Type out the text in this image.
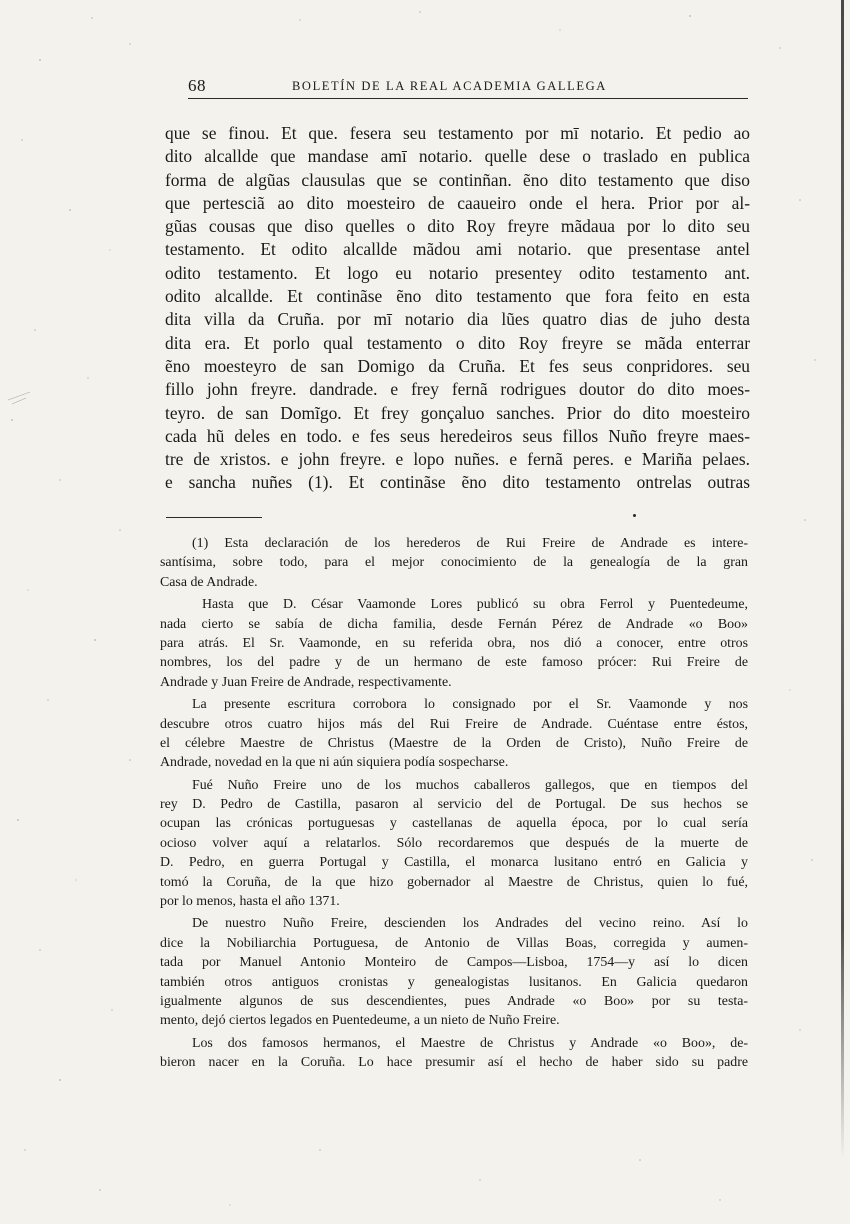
68	BOLETÍN DE LA REAL ACADEMIA GALLEGA
que se finou. Et que. fesera seu testamento por mī notario. Et pedio ao
dito alcallde que mandase amī notario. quelle dese o traslado en publica
forma de algũas clausulas que se continñan. ẽno dito testamento que diso
que pertesciã ao dito moesteiro de caaueiro onde el hera. Prior por al-
gũas cousas que diso quelles o dito Roy freyre mãdaua por lo dito seu
testamento. Et odito alcallde mãdou ami notario. que presentase antel
odito testamento. Et logo eu notario presentey odito testamento ant.
odito alcallde. Et continãse ẽno dito testamento que fora feito en esta
dita villa da Cruña. por mī notario dia lũes quatro dias de juho desta
dita era. Et porlo qual testamento o dito Roy freyre se mãda enterrar
ẽno moesteyro de san Domigo da Cruña. Et fes seus conpridores. seu
fillo john freyre. dandrade. e frey fernã rodrigues doutor do dito moes-
teyro. de san Domĩgo. Et frey gonçaluo sanches. Prior do dito moesteiro
cada hũ deles en todo. e fes seus heredeiros seus fillos Nuño freyre maes-
tre de xristos. e john freyre. e lopo nuñes. e fernã peres. e Mariña pelaes.
e sancha nuñes (1). Et continãse ẽno dito testamento ontrelas outras
(1) Esta declaración de los herederos de Rui Freire de Andrade es intere-
santísima, sobre todo, para el mejor conocimiento de la genealogía de la gran
Casa de Andrade.
Hasta que D. César Vaamonde Lores publicó su obra Ferrol y Puentedeume,
nada cierto se sabía de dicha familia, desde Fernán Pérez de Andrade «o Boo»
para atrás. El Sr. Vaamonde, en su referida obra, nos dió a conocer, entre otros
nombres, los del padre y de un hermano de este famoso prócer: Rui Freire de
Andrade y Juan Freire de Andrade, respectivamente.
La presente escritura corrobora lo consignado por el Sr. Vaamonde y nos
descubre otros cuatro hijos más del Rui Freire de Andrade. Cuéntase entre éstos,
el célebre Maestre de Christus (Maestre de la Orden de Cristo), Nuño Freire de
Andrade, novedad en la que ni aún siquiera podía sospecharse.
Fué Nuño Freire uno de los muchos caballeros gallegos, que en tiempos del
rey D. Pedro de Castilla, pasaron al servicio del de Portugal. De sus hechos se
ocupan las crónicas portuguesas y castellanas de aquella época, por lo cual sería
ocioso volver aquí a relatarlos. Sólo recordaremos que después de la muerte de
D. Pedro, en guerra Portugal y Castilla, el monarca lusitano entró en Galicia y
tomó la Coruña, de la que hizo gobernador al Maestre de Christus, quien lo fué,
por lo menos, hasta el año 1371.
De nuestro Nuño Freire, descienden los Andrades del vecino reino. Así lo
dice la Nobiliarchia Portuguesa, de Antonio de Villas Boas, corregida y aumen-
tada por Manuel Antonio Monteiro de Campos—Lisboa, 1754—y así lo dicen
también otros antiguos cronistas y genealogistas lusitanos. En Galicia quedaron
igualmente algunos de sus descendientes, pues Andrade «o Boo» por su testa-
mento, dejó ciertos legados en Puentedeume, a un nieto de Nuño Freire.
Los dos famosos hermanos, el Maestre de Christus y Andrade «o Boo», de-
bieron nacer en la Coruña. Lo hace presumir así el hecho de haber sido su padre
